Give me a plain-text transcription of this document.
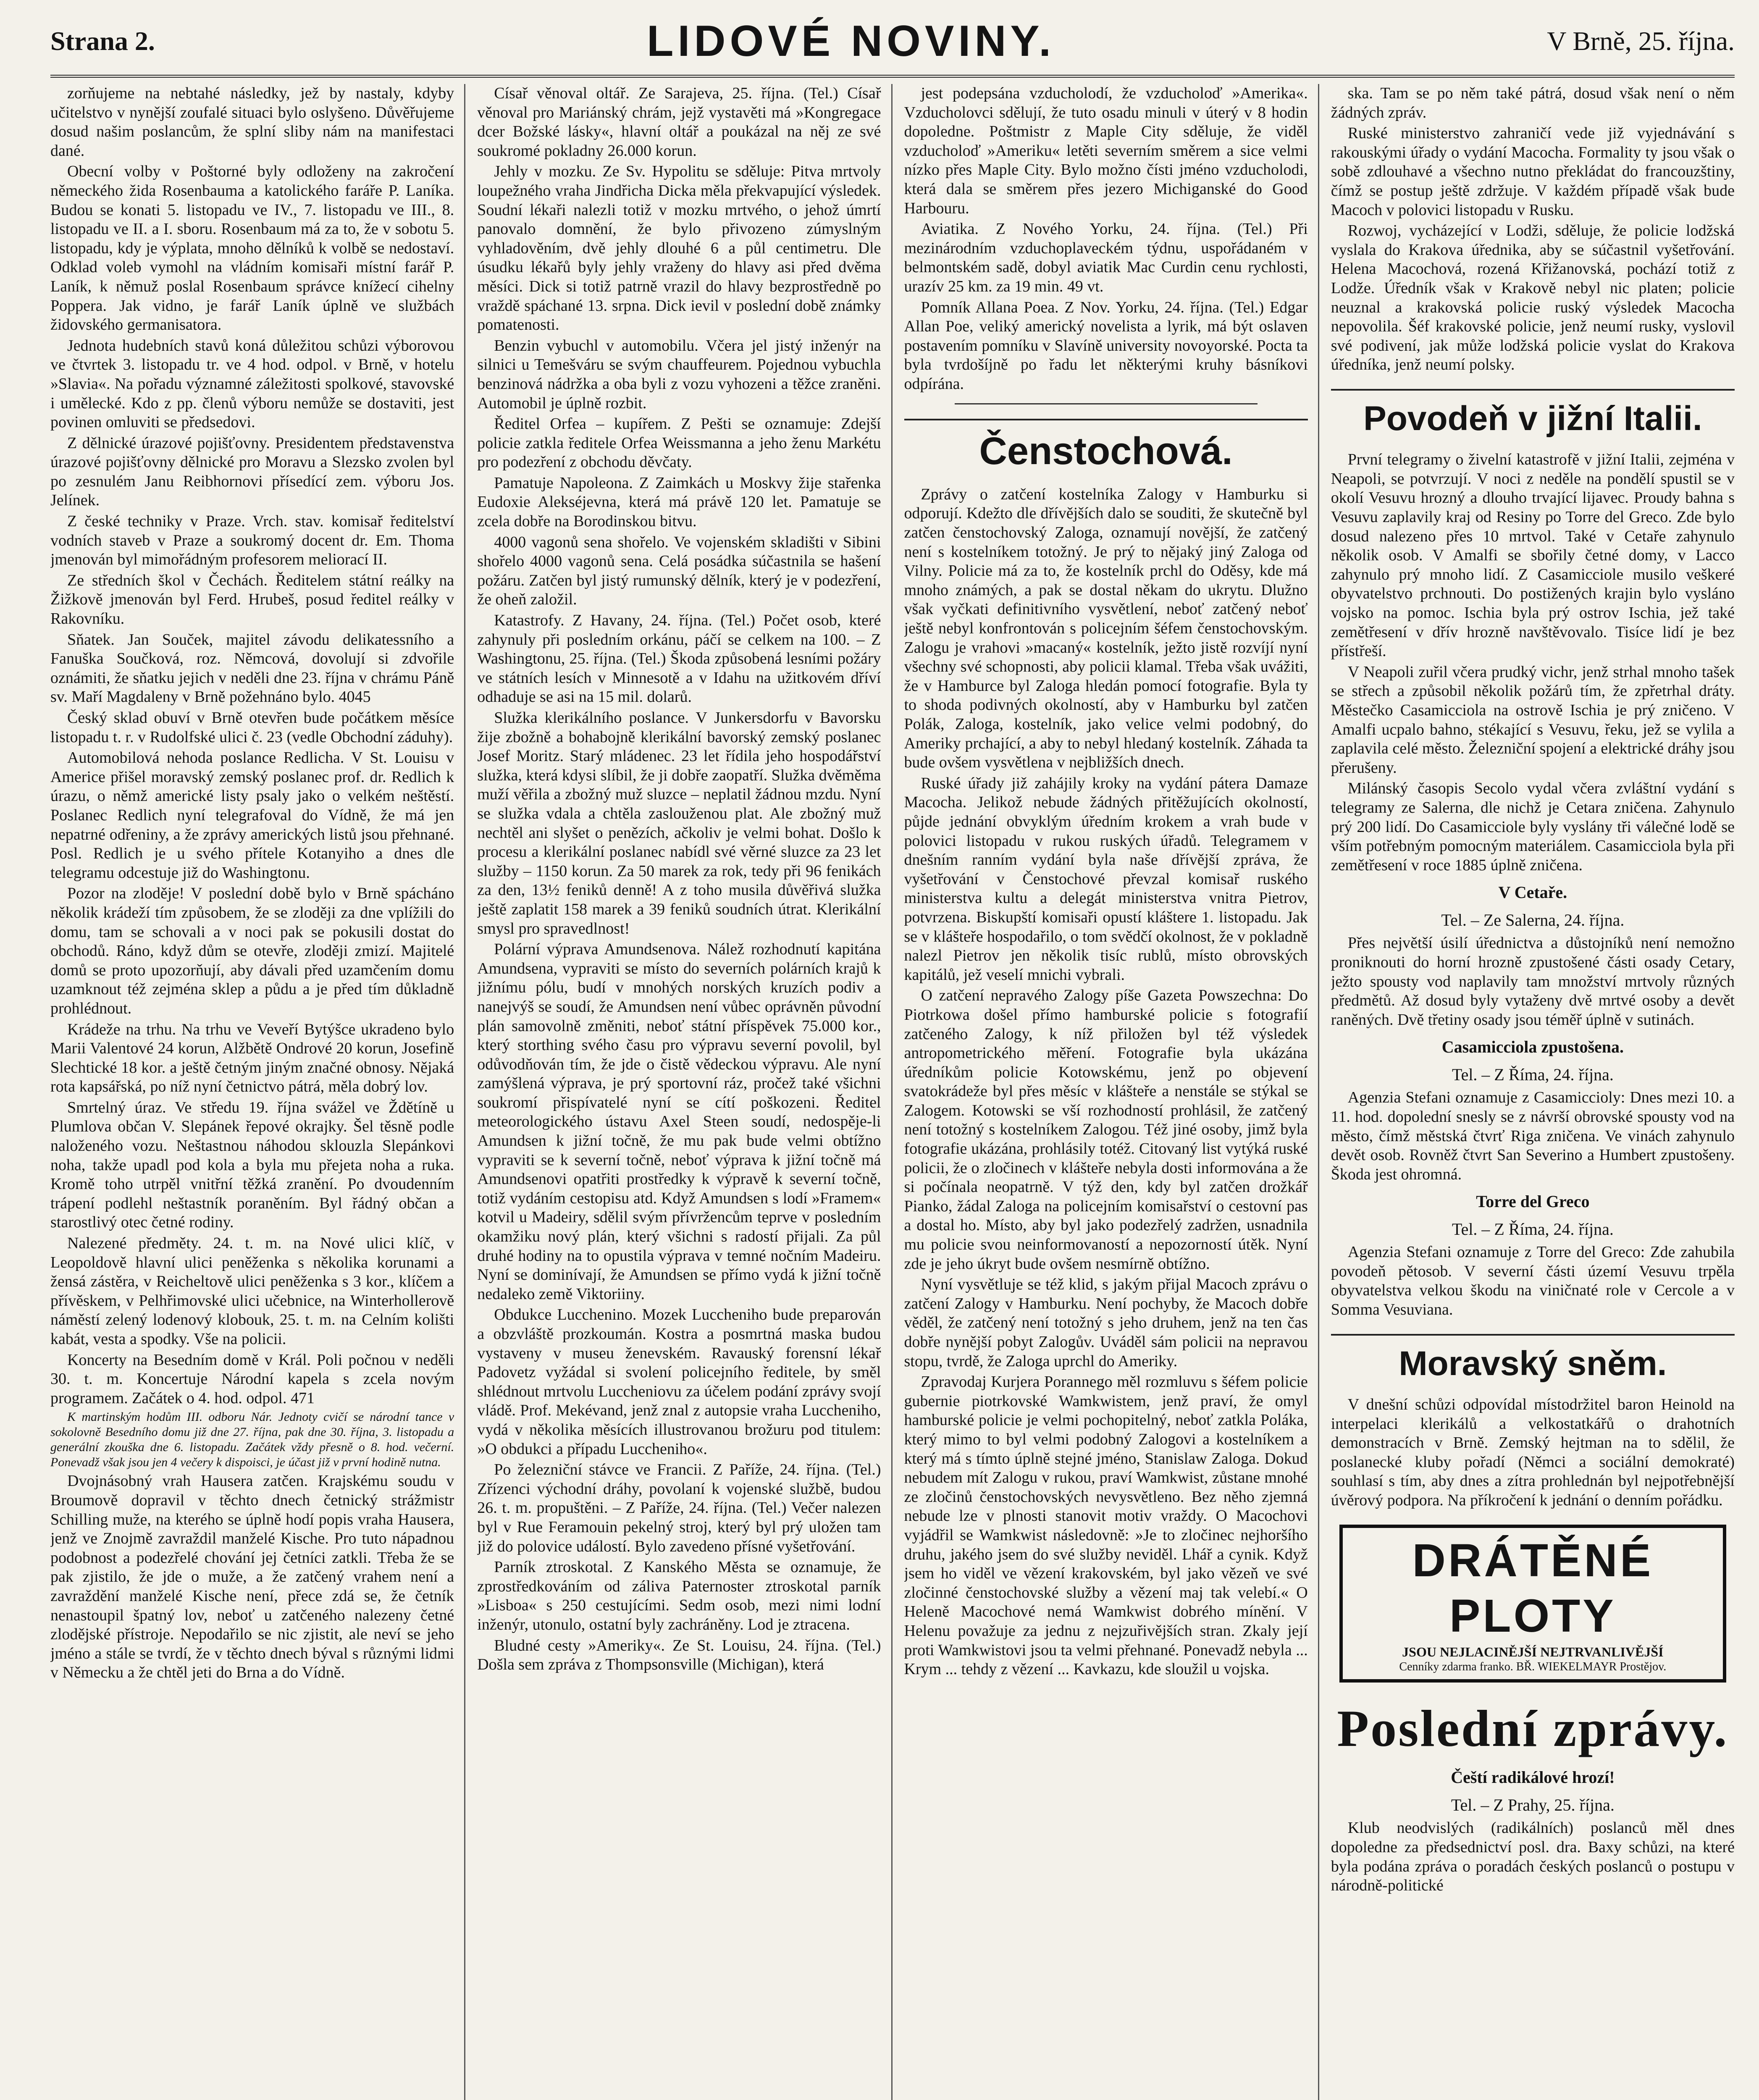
Strana 2.	LIDOVÉ NOVINY.	V Brně, 25. října.

zorňujeme na nebtahé následky, jež by nastaly, kdyby učitelstvo v nynější zoufalé situaci bylo oslyšeno. Důvěřujeme dosud našim poslancům, že splní sliby nám na manifestaci dané.

Obecní volby v Poštorné byly odloženy na zakročení německého žida Rosenbauma a katolického faráře P. Laníka. Budou se konati 5. listopadu ve IV., 7. listopadu ve III., 8. listopadu ve II. a I. sboru. Rosenbaum má za to, že v sobotu 5. listopadu, kdy je výplata, mnoho dělníků k volbě se nedostaví. Odklad voleb vymohl na vládním komisaři místní farář P. Laník, k němuž poslal Rosenbaum správce knížecí cihelny Poppera. Jak vidno, je farář Laník úplně ve službách židovského germanisatora.

Jednota hudebních stavů koná důležitou schůzi výborovou ve čtvrtek 3. listopadu tr. ve 4 hod. odpol. v Brně, v hotelu »Slavia«. Na pořadu významné záležitosti spolkové, stavovské i umělecké. Kdo z pp. členů výboru nemůže se dostaviti, jest povinen omluviti se předsedovi.

Z dělnické úrazové pojišťovny. Presidentem představenstva úrazové pojišťovny dělnické pro Moravu a Slezsko zvolen byl po zesnulém Janu Reibhornovi přísedící zem. výboru Jos. Jelínek.

Z české techniky v Praze. Vrch. stav. komisař ředitelství vodních staveb v Praze a soukromý docent dr. Em. Thoma jmenován byl mimořádným profesorem meliorací II.

Ze středních škol v Čechách. Ředitelem státní reálky na Žižkově jmenován byl Ferd. Hrubeš, posud ředitel reálky v Rakovníku.

Sňatek. Jan Souček, majitel závodu delikatessního a Fanuška Součková, roz. Němcová, dovolují si zdvořile oznámiti, že sňatku jejich v neděli dne 23. října v chrámu Páně sv. Maří Magdaleny v Brně požehnáno bylo. 4045

Český sklad obuví v Brně otevřen bude počátkem měsíce listopadu t. r. v Rudolfské ulici č. 23 (vedle Obchodní záduhy).

Automobilová nehoda poslance Redlicha. V St. Louisu v Americe přišel moravský zemský poslanec prof. dr. Redlich k úrazu, o němž americké listy psaly jako o velkém neštěstí. Poslanec Redlich nyní telegrafoval do Vídně, že má jen nepatrné odřeniny, a že zprávy amerických listů jsou přehnané. Posl. Redlich je u svého přítele Kotanyiho a dnes dle telegramu odcestuje již do Washingtonu.

Pozor na zloděje! V poslední době bylo v Brně spácháno několik krádeží tím způsobem, že se zloději za dne vplížili do domu, tam se schovali a v noci pak se pokusili dostat do obchodů. Ráno, když dům se otevře, zloději zmizí. Majitelé domů se proto upozorňují, aby dávali před uzamčením domu uzamknout též zejména sklep a půdu a je před tím důkladně prohlédnout.

Krádeže na trhu. Na trhu ve Veveří Bytýšce ukradeno bylo Marii Valentové 24 korun, Alžbětě Ondrové 20 korun, Josefině Slechtické 18 kor. a ještě četným jiným značné obnosy. Nějaká rota kapsářská, po níž nyní četnictvo pátrá, měla dobrý lov.

Smrtelný úraz. Ve středu 19. října svážel ve Ždětíně u Plumlova občan V. Slepánek řepové okrajky. Šel těsně podle naloženého vozu. Neštastnou náhodou sklouzla Slepánkovi noha, takže upadl pod kola a byla mu přejeta noha a ruka. Kromě toho utrpěl vnitřní těžká zranění. Po dvoudenním trápení podlehl neštastník poraněním. Byl řádný občan a starostlivý otec četné rodiny.

Nalezené předměty. 24. t. m. na Nové ulici klíč, v Leopoldově hlavní ulici peněženka s několika korunami a žensá zástěra, v Reicheltově ulici peněženka s 3 kor., klíčem a přívěskem, v Pelhřimovské ulici učebnice, na Winterhollerově náměstí zelený lodenový klobouk, 25. t. m. na Celním kolišti kabát, vesta a spodky. Vše na policii.

Koncerty na Besedním domě v Král. Poli počnou v neděli 30. t. m. Koncertuje Národní kapela s zcela novým programem. Začátek o 4. hod. odpol. 471

K martinským hodům III. odboru Nár. Jednoty cvičí se národní tance v sokolovně Besedního domu již dne 27. října, pak dne 30. října, 3. listopadu a generální zkouška dne 6. listopadu. Začátek vždy přesně o 8. hod. večerní. Ponevadž však jsou jen 4 večery k dispoisci, je účast již v první hodině nutna.

Dvojnásobný vrah Hausera zatčen. Krajskému soudu v Broumově dopravil v těchto dnech četnický strážmistr Schilling muže, na kterého se úplně hodí popis vraha Hausera, jenž ve Znojmě zavraždil manželé Kische. Pro tuto nápadnou podobnost a podezřelé chování jej četníci zatkli. Třeba že se pak zjistilo, že jde o muže, a že zatčený vrahem není a zavraždění manželé Kische není, přece zdá se, že četník nenastoupil špatný lov, neboť u zatčeného nalezeny četné zlodějské přístroje. Nepodařilo se nic zjistit, ale neví se jeho jméno a stále se tvrdí, že v těchto dnech býval s různými lidmi v Německu a že chtěl jeti do Brna a do Vídně.

Císař věnoval oltář. Ze Sarajeva, 25. října. (Tel.) Císař věnoval pro Mariánský chrám, jejž vystavěti má »Kongregace dcer Božské lásky«, hlavní oltář a poukázal na něj ze své soukromé pokladny 26.000 korun.

Jehly v mozku. Ze Sv. Hypolitu se sděluje: Pitva mrtvoly loupežného vraha Jindřicha Dicka měla překvapující výsledek. Soudní lékaři nalezli totiž v mozku mrtvého, o jehož úmrtí panovalo domnění, že bylo přivozeno zúmyslným vyhladověním, dvě jehly dlouhé 6 a půl centimetru. Dle úsudku lékařů byly jehly vraženy do hlavy asi před dvěma měsíci. Dick si totiž patrně vrazil do hlavy bezprostředně po vraždě spáchané 13. srpna. Dick ievil v poslední době známky pomatenosti.

Benzin vybuchl v automobilu. Včera jel jistý inženýr na silnici u Temešváru se svým chauffeurem. Pojednou vybuchla benzinová nádržka a oba byli z vozu vyhozeni a těžce zraněni. Automobil je úplně rozbit.

Ředitel Orfea – kupířem. Z Pešti se oznamuje: Zdejší policie zatkla ředitele Orfea Weissmanna a jeho ženu Markétu pro podezření z obchodu děvčaty.

Pamatuje Napoleona. Z Zaimkách u Moskvy žije stařenka Eudoxie Alekséjevna, která má právě 120 let. Pamatuje se zcela dobře na Borodinskou bitvu.

4000 vagonů sena shořelo. Ve vojenském skladišti v Sibini shořelo 4000 vagonů sena. Celá posádka súčastnila se hašení požáru. Zatčen byl jistý rumunský dělník, který je v podezření, že oheň založil.

Katastrofy. Z Havany, 24. října. (Tel.) Počet osob, které zahynuly při posledním orkánu, páčí se celkem na 100. – Z Washingtonu, 25. října. (Tel.) Škoda způsobená lesními požáry ve státních lesích v Minnesotě a v Idahu na užitkovém dříví odhaduje se asi na 15 mil. dolarů.

Služka klerikálního poslance. V Junkersdorfu v Bavorsku žije zbožně a bohabojně klerikální bavorský zemský poslanec Josef Moritz. Starý mládenec. 23 let řídila jeho hospodářství služka, která kdysi slíbil, že ji dobře zaopatří. Služka dvěměma muží věřila a zbožný muž sluzce – neplatil žádnou mzdu. Nyní se služka vdala a chtěla zaslouženou plat. Ale zbožný muž nechtěl ani slyšet o penězích, ačkoliv je velmi bohat. Došlo k procesu a klerikální poslanec nabídl své věrné sluzce za 23 let služby – 1150 korun. Za 50 marek za rok, tedy při 96 fenikách za den, 13½ feniků denně! A z toho musila důvěřivá služka ještě zaplatit 158 marek a 39 feniků soudních útrat. Klerikální smysl pro spravedlnost!

Polární výprava Amundsenova. Nálež rozhodnutí kapitána Amundsena, vypraviti se místo do severních polárních krajů k jižnímu pólu, budí v mnohých norských kruzích podiv a nanejvýš se soudí, že Amundsen není vůbec oprávněn původní plán samovolně změniti, neboť státní příspěvek 75.000 kor., který storthing svého času pro výpravu severní povolil, byl odůvodňován tím, že jde o čistě vědeckou výpravu. Ale nyní zamýšlená výprava, je prý sportovní ráz, pročež také všichni soukromí přispívatelé nyní se cítí poškozeni. Ředitel meteorologického ústavu Axel Steen soudí, nedospěje-li Amundsen k jižní točně, že mu pak bude velmi obtížno vypraviti se k severní točně, neboť výprava k jižní točně má Amundsenovi opatřiti prostředky k výpravě k severní točně, totiž vydáním cestopisu atd. Když Amundsen s lodí »Framem« kotvil u Madeiry, sdělil svým přívržencům teprve v posledním okamžiku nový plán, který všichni s radostí přijali. Za půl druhé hodiny na to opustila výprava v temné nočním Madeiru. Nyní se dominívají, že Amundsen se přímo vydá k jižní točně nedaleko země Viktoriiny.

Obdukce Lucchenino. Mozek Luccheniho bude preparován a obzvláště prozkoumán. Kostra a posmrtná maska budou vystaveny v museu ženevském. Ravauský forensní lékař Padovetz vyžádal si svolení policejního ředitele, by směl shlédnout mrtvolu Luccheniovu za účelem podání zprávy svojí vládě. Prof. Mekévand, jenž znal z autopsie vraha Luccheniho, vydá v několika měsících illustrovanou brožuru pod titulem: »O obdukci a případu Luccheniho«.

Po železniční stávce ve Francii. Z Paříže, 24. října. (Tel.) Zřízenci východní dráhy, povolaní k vojenské službě, budou 26. t. m. propuštěni. – Z Paříže, 24. října. (Tel.) Večer nalezen byl v Rue Feramouin pekelný stroj, který byl prý uložen tam již do polovice událostí. Bylo zavedeno přísné vyšetřování.

Parník ztroskotal. Z Kanského Města se oznamuje, že zprostředkováním od záliva Paternoster ztroskotal parník »Lisboa« s 250 cestujícími. Sedm osob, mezi nimi lodní inženýr, utonulo, ostatní byly zachráněny. Lod je ztracena.

Bludné cesty »Ameriky«. Ze St. Louisu, 24. října. (Tel.) Došla sem zpráva z Thompsonsville (Michigan), která

jest podepsána vzducholodí, že vzducholoď »Amerika«. Vzducholovci sdělují, že tuto osadu minuli v úterý v 8 hodin dopoledne. Poštmistr z Maple City sděluje, že viděl vzducholoď »Ameriku« letěti severním směrem a sice velmi nízko přes Maple City. Bylo možno čísti jméno vzducholodi, která dala se směrem přes jezero Michiganské do Good Harbouru.

Aviatika. Z Nového Yorku, 24. října. (Tel.) Při mezinárodním vzduchoplaveckém týdnu, uspořádaném v belmontském sadě, dobyl aviatik Mac Curdin cenu rychlosti, urazív 25 km. za 19 min. 49 vt.

Pomník Allana Poea. Z Nov. Yorku, 24. října. (Tel.) Edgar Allan Poe, veliký americký novelista a lyrik, má být oslaven postavením pomníku v Slavíně university novoyorské. Pocta ta byla tvrdošíjně po řadu let některými kruhy básníkovi odpírána.

Čenstochová.

Zprávy o zatčení kostelníka Zalogy v Hamburku si odporují. Kdežto dle dřívějších dalo se souditi, že skutečně byl zatčen čenstochovský Zaloga, oznamují novější, že zatčený není s kostelníkem totožný. Je prý to nějaký jiný Zaloga od Vilny. Policie má za to, že kostelník prchl do Oděsy, kde má mnoho známých, a pak se dostal někam do ukrytu. Dlužno však vyčkati definitivního vysvětlení, neboť zatčený neboť ještě nebyl konfrontován s policejním šéfem čenstochovským. Zalogu je vrahovi »macaný« kostelník, ježto jistě rozvíjí nyní všechny své schopnosti, aby policii klamal. Třeba však uvážiti, že v Hamburce byl Zaloga hledán pomocí fotografie. Byla ty to shoda podivných okolností, aby v Hamburku byl zatčen Polák, Zaloga, kostelník, jako velice velmi podobný, do Ameriky prchající, a aby to nebyl hledaný kostelník. Záhada ta bude ovšem vysvětlena v nejbližších dnech.

Ruské úřady již zahájily kroky na vydání pátera Damaze Macocha. Jelikož nebude žádných přitěžujících okolností, půjde jednání obvyklým úředním krokem a vrah bude v polovici listopadu v rukou ruských úřadů. Telegramem v dnešním ranním vydání byla naše dřívější zpráva, že vyšetřování v Čenstochové převzal komisař ruského ministerstva kultu a delegát ministerstva vnitra Pietrov, potvrzena. Biskupští komisaři opustí kláštere 1. listopadu. Jak se v klášteře hospodařilo, o tom svědčí okolnost, že v pokladně nalezl Pietrov jen několik tisíc rublů, místo obrovských kapitálů, jež veselí mnichi vybrali.

O zatčení nepravého Zalogy píše Gazeta Powszechna: Do Piotrkowa došel přímo hamburské policie s fotografií zatčeného Zalogy, k níž přiložen byl též výsledek antropometrického měření. Fotografie byla ukázána úředníkům policie Kotowskému, jenž po objevení svatokrádeže byl přes měsíc v klášteře a nenstále se stýkal se Zalogem. Kotowski se vší rozhodností prohlásil, že zatčený není totožný s kostelníkem Zalogou. Též jiné osoby, jimž byla fotografie ukázána, prohlásily totéž. Citovaný list vytýká ruské policii, že o zločinech v klášteře nebyla dosti informována a že si počínala neopatrně. V týž den, kdy byl zatčen drožkář Pianko, žádal Zaloga na policejním komisařství o cestovní pas a dostal ho. Místo, aby byl jako podezřelý zadržen, usnadnila mu policie svou neinformovaností a nepozorností útěk. Nyní zde je jeho úkryt bude ovšem nesmírně obtížno.

Nyní vysvětluje se též klid, s jakým přijal Macoch zprávu o zatčení Zalogy v Hamburku. Není pochyby, že Macoch dobře věděl, že zatčený není totožný s jeho druhem, jenž na ten čas dobře nynější pobyt Zalogův. Uváděl sám policii na nepravou stopu, tvrdě, že Zaloga uprchl do Ameriky.

Zpravodaj Kurjera Porannego měl rozmluvu s šéfem policie gubernie piotrkovské Wamkwistem, jenž praví, že omyl hamburské policie je velmi pochopitelný, neboť zatkla Poláka, který mimo to byl velmi podobný Zalogovi a kostelníkem a který má s tímto úplně stejné jméno, Stanislaw Zaloga. Dokud nebudem mít Zalogu v rukou, praví Wamkwist, zůstane mnohé ze zločinů čenstochovských nevysvětleno. Bez něho zjemná nebude lze v plnosti stanovit motiv vraždy. O Macochovi vyjádřil se Wamkwist následovně: »Je to zločinec nejhoršího druhu, jakého jsem do své služby neviděl. Lhář a cynik. Když jsem ho viděl ve vězení krakovském, byl jako vězeň ve své zločinné čenstochovské služby a vězení maj tak velebí.« O Heleně Macochové nemá Wamkwist dobrého mínění. V Helenu považuje za jednu z nejzuřivějších stran. Zkaly její proti Wamkwistovi jsou ta velmi přehnané. Ponevadž nebyla ... Krym ... tehdy z vězení ... Kavkazu, kde sloužil u vojska.

ska. Tam se po něm také pátrá, dosud však není o něm žádných zpráv.

Ruské ministerstvo zahraničí vede již vyjednávání s rakouskými úřady o vydání Macocha. Formality ty jsou však o sobě zdlouhavé a všechno nutno překládat do francouzštiny, čímž se postup ještě zdržuje. V každém případě však bude Macoch v polovici listopadu v Rusku.

Rozwoj, vycházející v Lodži, sděluje, že policie lodžská vyslala do Krakova úřednika, aby se súčastnil vyšetřování. Helena Macochová, rozená Křižanovská, pochází totiž z Lodže. Úředník však v Krakově nebyl nic platen; policie neuznal a krakovská policie ruský výsledek Macocha nepovolila. Šéf krakovské policie, jenž neumí rusky, vyslovil své podivení, jak může lodžská policie vyslat do Krakova úředníka, jenž neumí polsky.

Povodeň v jižní Italii.

První telegramy o živelní katastrofě v jižní Italii, zejména v Neapoli, se potvrzují. V noci z neděle na pondělí spustil se v okolí Vesuvu hrozný a dlouho trvající lijavec. Proudy bahna s Vesuvu zaplavily kraj od Resiny po Torre del Greco. Zde bylo dosud nalezeno přes 10 mrtvol. Také v Cetaře zahynulo několik osob. V Amalfi se sbořily četné domy, v Lacco zahynulo prý mnoho lidí. Z Casamicciole musilo veškeré obyvatelstvo prchnouti. Do postižených krajin bylo vysláno vojsko na pomoc. Ischia byla prý ostrov Ischia, jež také zemětřesení v dřív hrozně navštěvovalo. Tisíce lidí je bez přístřeší.

V Neapoli zuřil včera prudký vichr, jenž strhal mnoho tašek se střech a způsobil několik požárů tím, že zpřetrhal dráty. Městečko Casamicciola na ostrově Ischia je prý zničeno. V Amalfi ucpalo bahno, stékající s Vesuvu, řeku, jež se vylila a zaplavila celé město. Železniční spojení a elektrické dráhy jsou přerušeny.

Milánský časopis Secolo vydal včera zvláštní vydání s telegramy ze Salerna, dle nichž je Cetara zničena. Zahynulo prý 200 lidí. Do Casamicciole byly vyslány tři válečné lodě se vším potřebným pomocným materiálem. Casamicciola byla při zemětřesení v roce 1885 úplně zničena.

V Cetaře.
Tel. – Ze Salerna, 24. října.

Přes největší úsilí úřednictva a důstojníků není nemožno proniknouti do horní hrozně zpustošené části osady Cetary, ježto spousty vod naplavily tam množství mrtvoly různých předmětů. Až dosud byly vytaženy dvě mrtvé osoby a devět raněných. Dvě třetiny osady jsou téměř úplně v sutinách.

Casamicciola zpustošena.
Tel. – Z Říma, 24. října.

Agenzia Stefani oznamuje z Casamiccioly: Dnes mezi 10. a 11. hod. dopolední snesly se z návrší obrovské spousty vod na město, čímž městská čtvrť Riga zničena. Ve vinách zahynulo devět osob. Rovněž čtvrt San Severino a Humbert zpustošeny. Škoda jest ohromná.

Torre del Greco
Tel. – Z Říma, 24. října.

Agenzia Stefani oznamuje z Torre del Greco: Zde zahubila povodeň pětosob. V severní části území Vesuvu trpěla obyvatelstva velkou škodu na viničnaté role v Cercole a v Somma Vesuviana.

Moravský sněm.

V dnešní schůzi odpovídal místodržitel baron Heinold na interpelaci klerikálů a velkostatkářů o drahotních demonstracích v Brně. Zemský hejtman na to sdělil, že poslanecké kluby pořadí (Němci a sociální demokraté) souhlasí s tím, aby dnes a zítra prohlednán byl nejpotřebnější úvěrový podpora. Na příkročení k jednání o denním pořádku.

DRÁTĚNÉ PLOTY
JSOU NEJLACINĚJŠÍ NEJTRVANLIVĚJŠÍ
Cenníky zdarma franko. BŘ. WIEKELMAYR Prostějov.
Poslední zprávy.
Čeští radikálové hrozí!
Tel. – Z Prahy, 25. října.

Klub neodvislých (radikálních) poslanců měl dnes dopoledne za předsednictví posl. dra. Baxy schůzi, na které byla podána zpráva o poradách českých poslanců o postupu v národně-politické
